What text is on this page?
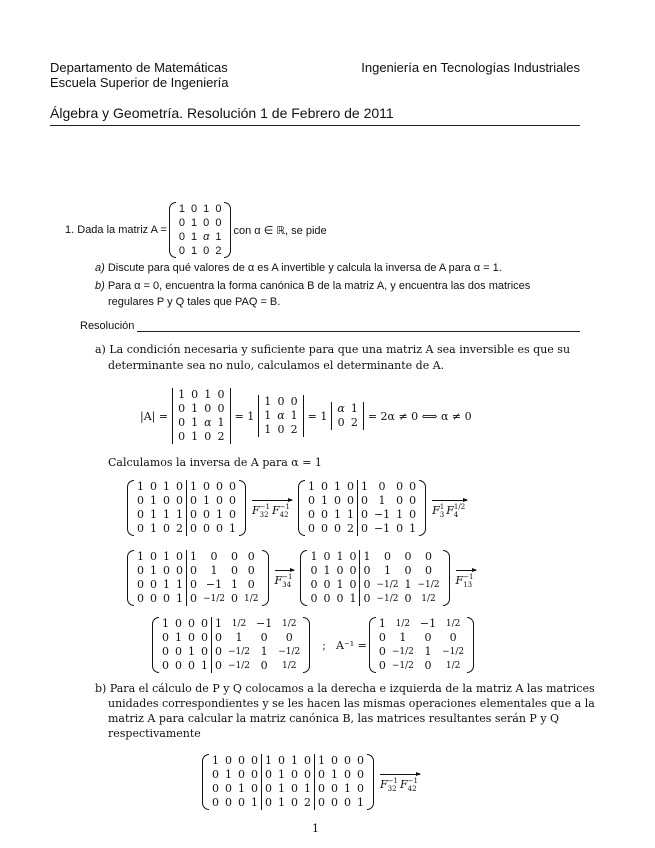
Departamento de Matemáticas
Escuela Superior de Ingeniería
Ingeniería en Tecnologías Industriales
Álgebra y Geometría. Resolución 1 de Febrero de 2011
1.
Dada la matriz A =
1	0	1	0
0	1	0	0
0	1	α	1
0	1	0	2
con α ∈ ℝ, se pide
a) Discute para qué valores de α es A invertible y calcula la inversa de A para α = 1.
b) Para α = 0, encuentra la forma canónica B de la matriz A, y encuentra las dos matrices
regulares P y Q tales que PAQ = B.
Resolución
a) La condición necesaria y suficiente para que una matriz A sea inversible es que su
determinante sea no nulo, calculamos el determinante de A.
|A| =
1	0	1	0
0	1	0	0
0	1	α	1
0	1	0	2
= 1
1	0	0
1	α	1
1	0	2
= 1
α	1
0	2 = 2α ≠ 0 ⟺ α ≠ 0
Calculamos la inversa de A para α = 1
1	0	1	0	1	0	0	0
0	1	0	0	0	1	0	0
0	1	1	1	0	0	1	0
0	1	0	2	0	0	0	1
F −1
32 F −1
42
1	0	1	0	1	0	0	0
0	1	0	0	0	1	0	0
0	0	1	1	0	−1	1	0
0	0	0	2	0	−1	0	1
F 1
3 F 1/2
4
1	0	1	0	1	0	0	0
0	1	0	0	0	1	0	0
0	0	1	1	0	−1	1	0
0	0	0	1	0	−1/2	0	1/2
F −1
34
1	0	1	0	1	0	0	0
0	1	0	0	0	1	0	0
0	0	1	0	0	−1/2	1	−1/2
0	0	0	1	0	−1/2	0	1/2
F −1
13
1	0	0	0	1	1/2	−1	1/2
0	1	0	0	0	1	0	0
0	0	1	0	0	−1/2	1	−1/2
0	0	0	1	0	−1/2	0	1/2
; A⁻¹ =
1	1/2	−1	1/2
0	1	0	0
0	−1/2	1	−1/2
0	−1/2	0	1/2
b) Para el cálculo de P y Q colocamos a la derecha e izquierda de la matriz A las matrices
unidades correspondientes y se les hacen las mismas operaciones elementales que a la
matriz A para calcular la matriz canónica B, las matrices resultantes serán P y Q
respectivamente
1	0	0	0	1	0	1	0	1	0	0	0
0	1	0	0	0	1	0	0	0	1	0	0
0	0	1	0	0	1	0	1	0	0	1	0
0	0	0	1	0	1	0	2	0	0	0	1
F −1
32 F −1
42
1
